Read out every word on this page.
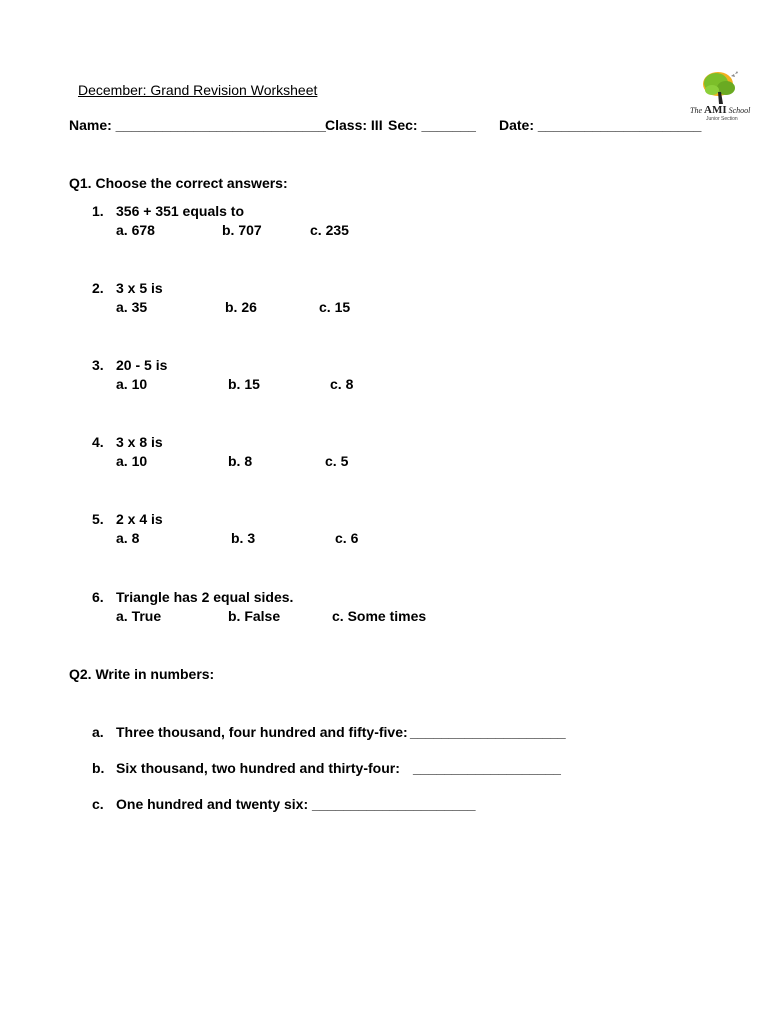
December: Grand Revision Worksheet
Name: ___________________________ Class: III Sec: _______ Date: _____________________
The AMI School
Junior Section
Q1. Choose the correct answers:
1. 356 + 351 equals to
a. 678	b. 707	c. 235
2. 3 x 5 is
a. 35	b. 26	c. 15
3. 20 - 5 is
a. 10	b. 15	c. 8
4. 3 x 8 is
a. 10	b. 8	c. 5
5. 2 x 4 is
a. 8	b. 3	c. 6
6. Triangle has 2 equal sides.
a. True	b. False	c. Some times
Q2. Write in numbers:
a. Three thousand, four hundred and fifty-five: ____________________
b. Six thousand, two hundred and thirty-four: ___________________
c. One hundred and twenty six: _____________________
